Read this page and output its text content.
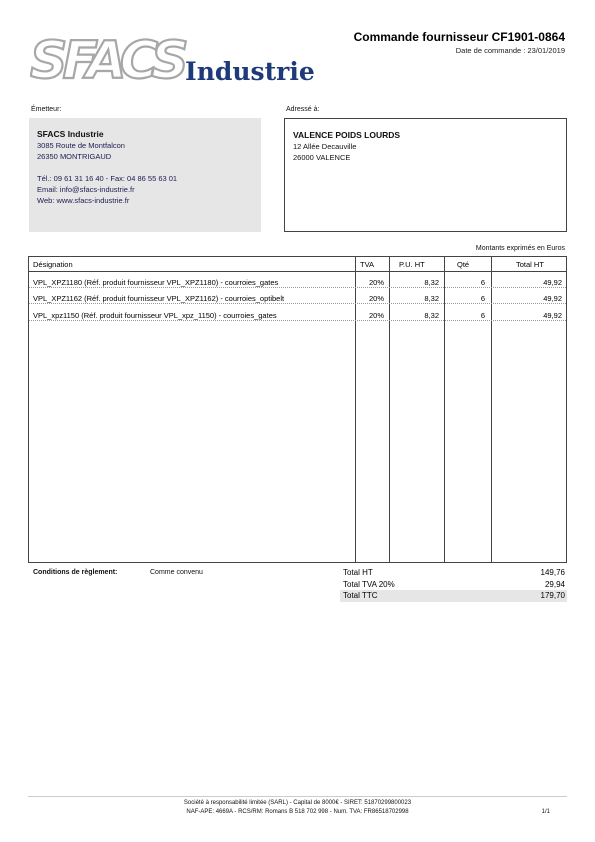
SFACS Industrie
Commande fournisseur CF1901-0864
Date de commande : 23/01/2019
Émetteur:	Adressé à:
SFACS Industrie
3085 Route de Montfalcon
26350 MONTRIGAUD
Tél.: 09 61 31 16 40 - Fax: 04 86 55 63 01
Email: info@sfacs-industrie.fr
Web: www.sfacs-industrie.fr
VALENCE POIDS LOURDS
12 Allée Decauville
26000 VALENCE
Montants exprimés en Euros
Désignation	TVA	P.U. HT	Qté	Total HT
VPL_XPZ1180 (Réf. produit fournisseur VPL_XPZ1180) - courroies_gates	20%	8,32	6	49,92
VPL_XPZ1162 (Réf. produit fournisseur VPL_XPZ1162) - courroies_optibelt	20%	8,32	6	49,92
VPL_xpz1150 (Réf. produit fournisseur VPL_xpz_1150) - courroies_gates	20%	8,32	6	49,92
Conditions de règlement:	Comme convenu	Total HT	149,76
Total TVA 20%	29,94
Total TTC	179,70
Société à responsabilité limitée (SARL) - Capital de 8000€ - SIRET: 51870299800023
NAF-APE: 4669A - RCS/RM: Romans B 518 702 998 - Num. TVA: FR86518702998	1/1
